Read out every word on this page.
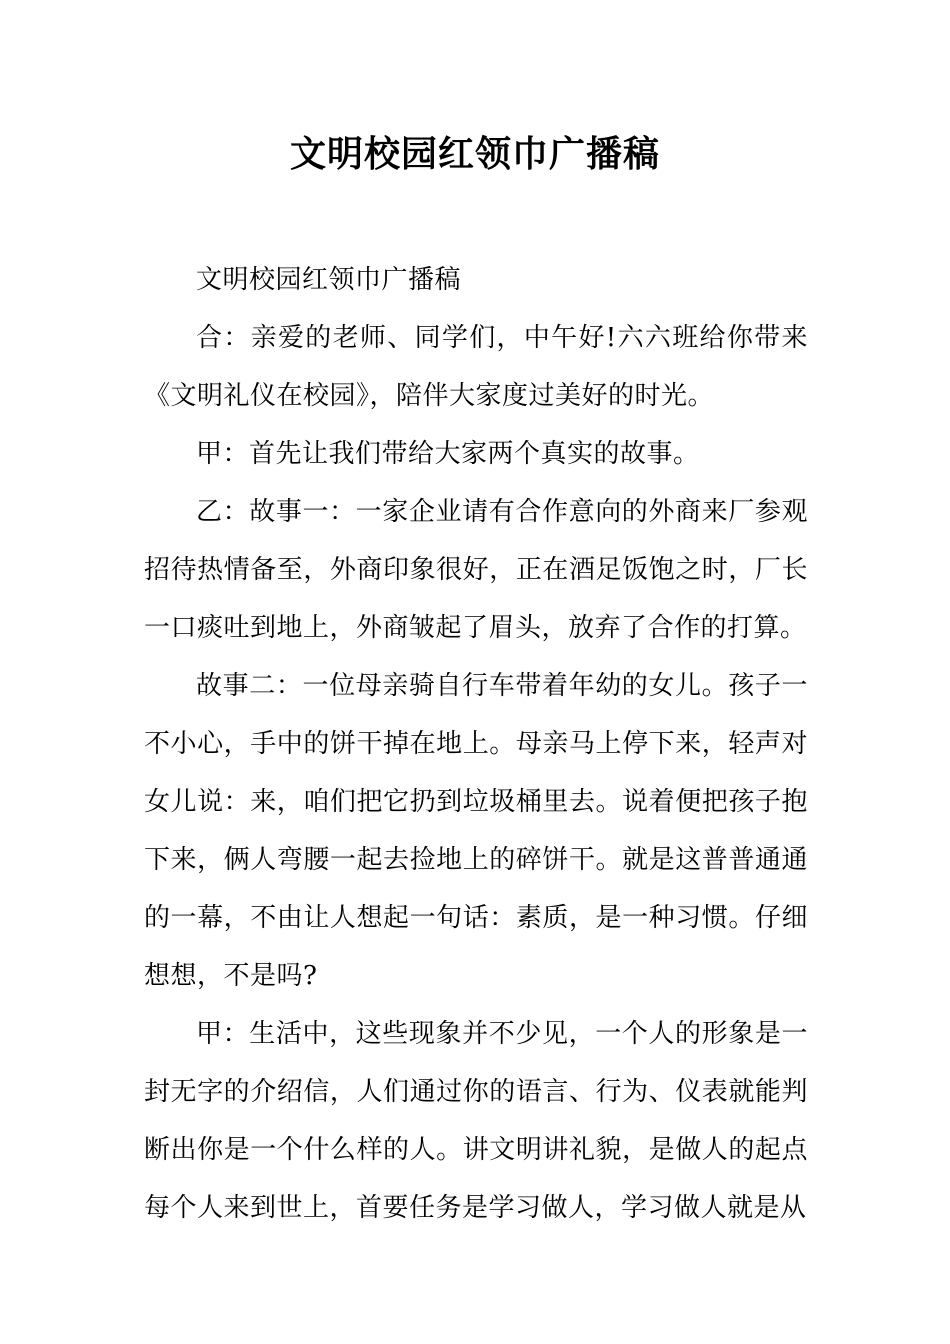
文明校园红领巾广播稿

文明校园红领巾广播稿

合：亲爱的老师、同学们，中午好!六六班给你带来《文明礼仪在校园》，陪伴大家度过美好的时光。

甲：首先让我们带给大家两个真实的故事。

乙：故事一：一家企业请有合作意向的外商来厂参观招待热情备至，外商印象很好，正在酒足饭饱之时，厂长一口痰吐到地上，外商皱起了眉头，放弃了合作的打算。

故事二：一位母亲骑自行车带着年幼的女儿。孩子一不小心，手中的饼干掉在地上。母亲马上停下来，轻声对女儿说：来，咱们把它扔到垃圾桶里去。说着便把孩子抱下来，俩人弯腰一起去捡地上的碎饼干。就是这普普通通的一幕，不由让人想起一句话：素质，是一种习惯。仔细想想，不是吗?

甲：生活中，这些现象并不少见，一个人的形象是一封无字的介绍信，人们通过你的语言、行为、仪表就能判断出你是一个什么样的人。讲文明讲礼貌，是做人的起点每个人来到世上，首要任务是学习做人，学习做人就是从
